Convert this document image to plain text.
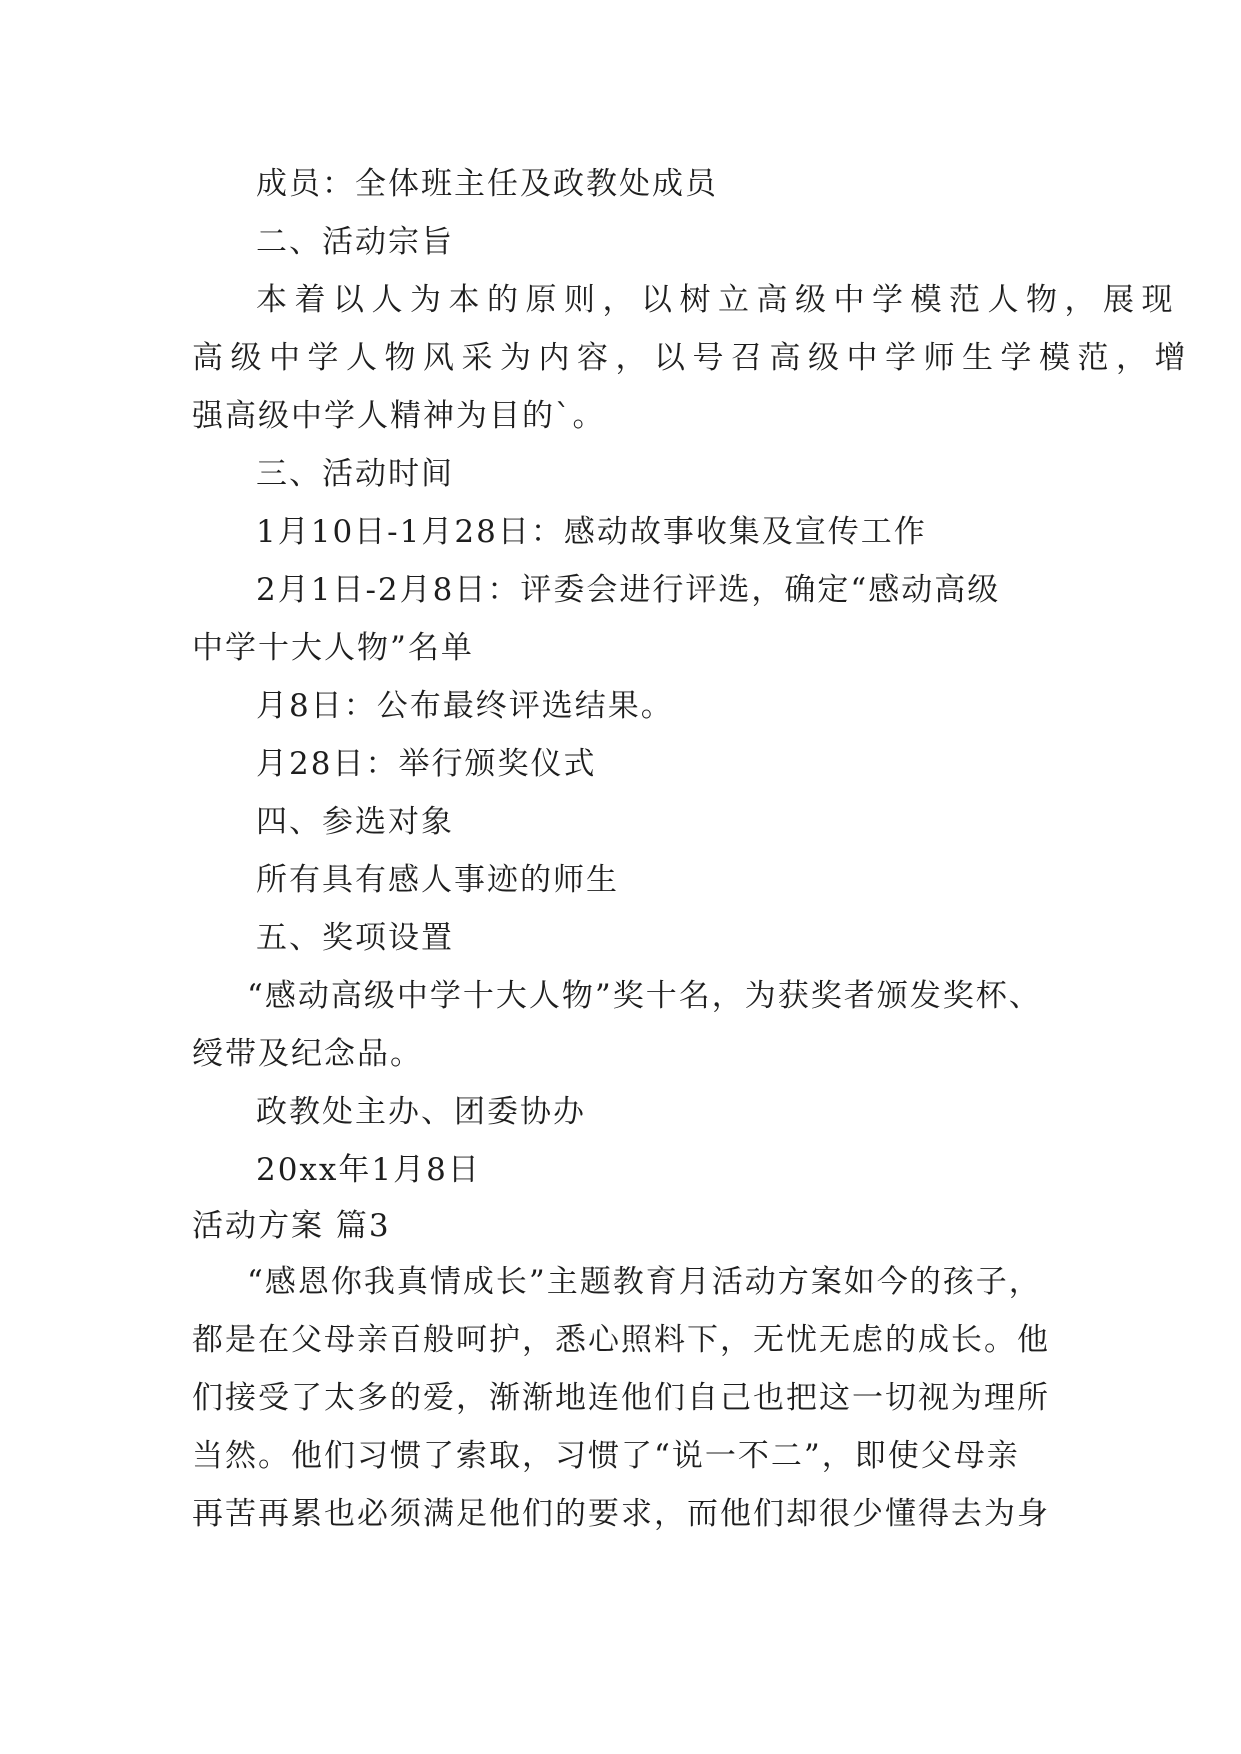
成员：全体班主任及政教处成员
二、活动宗旨
本着以人为本的原则，以树立高级中学模范人物，展现
高级中学人物风采为内容，以号召高级中学师生学模范，增
强高级中学人精神为目的`。
三、活动时间
1月10日-1月28日：感动故事收集及宣传工作
2月1日-2月8日：评委会进行评选，确定“感动高级
中学十大人物”名单
月8日：公布最终评选结果。
月28日：举行颁奖仪式
四、参选对象
所有具有感人事迹的师生
五、奖项设置
“感动高级中学十大人物”奖十名，为获奖者颁发奖杯、
绶带及纪念品。
政教处主办、团委协办
20xx年1月8日
活动方案 篇3
“感恩你我真情成长”主题教育月活动方案如今的孩子，
都是在父母亲百般呵护，悉心照料下，无忧无虑的成长。他
们接受了太多的爱，渐渐地连他们自己也把这一切视为理所
当然。他们习惯了索取，习惯了“说一不二”，即使父母亲
再苦再累也必须满足他们的要求，而他们却很少懂得去为身
